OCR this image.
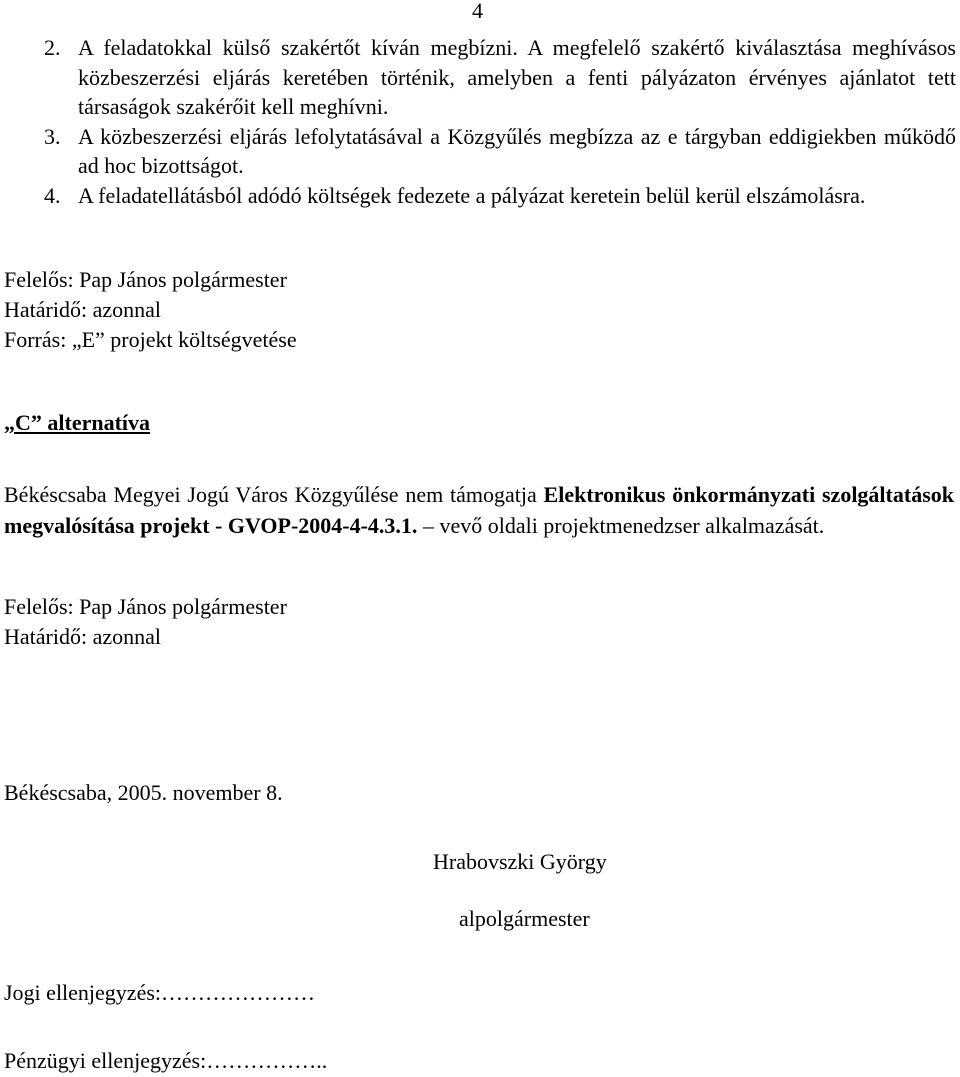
4

2. A feladatokkal külső szakértőt kíván megbízni. A megfelelő szakértő kiválasztása meghívásos közbeszerzési eljárás keretében történik, amelyben a fenti pályázaton érvényes ajánlatot tett társaságok szakérőit kell meghívni.

3. A közbeszerzési eljárás lefolytatásával a Közgyűlés megbízza az e tárgyban eddigiekben működő ad hoc bizottságot.

4. A feladatellátásból adódó költségek fedezete a pályázat keretein belül kerül elszámolásra.

Felelős: Pap János polgármester
Határidő: azonnal
Forrás: „E” projekt költségvetése
„C” alternatíva
Békéscsaba Megyei Jogú Város Közgyűlése nem támogatja Elektronikus önkormányzati szolgáltatások megvalósítása projekt - GVOP-2004-4-4.3.1. – vevő oldali projektmenedzser alkalmazását.
Felelős: Pap János polgármester
Határidő: azonnal
Békéscsaba, 2005. november 8.
Hrabovszki György
alpolgármester
Jogi ellenjegyzés:…………………
Pénzügyi ellenjegyzés:……………..
